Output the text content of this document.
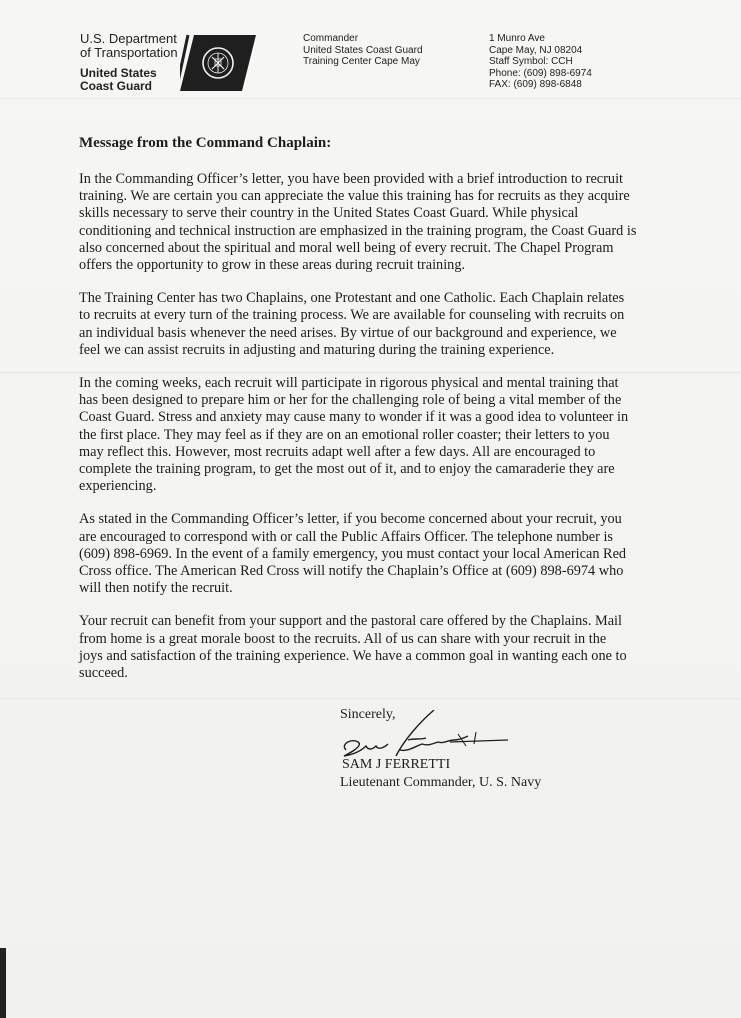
U.S. Department
of Transportation
United States
Coast Guard
Commander
United States Coast Guard
Training Center Cape May
1 Munro Ave
Cape May, NJ 08204
Staff Symbol: CCH
Phone: (609) 898-6974
FAX: (609) 898-6848
Message from the Command Chaplain:
In the Commanding Officer’s letter, you have been provided with a brief introduction to recruit
training. We are certain you can appreciate the value this training has for recruits as they acquire
skills necessary to serve their country in the United States Coast Guard. While physical
conditioning and technical instruction are emphasized in the training program, the Coast Guard is
also concerned about the spiritual and moral well being of every recruit. The Chapel Program
offers the opportunity to grow in these areas during recruit training.
The Training Center has two Chaplains, one Protestant and one Catholic. Each Chaplain relates
to recruits at every turn of the training process. We are available for counseling with recruits on
an individual basis whenever the need arises. By virtue of our background and experience, we
feel we can assist recruits in adjusting and maturing during the training experience.
In the coming weeks, each recruit will participate in rigorous physical and mental training that
has been designed to prepare him or her for the challenging role of being a vital member of the
Coast Guard. Stress and anxiety may cause many to wonder if it was a good idea to volunteer in
the first place. They may feel as if they are on an emotional roller coaster; their letters to you
may reflect this. However, most recruits adapt well after a few days. All are encouraged to
complete the training program, to get the most out of it, and to enjoy the camaraderie they are
experiencing.
As stated in the Commanding Officer’s letter, if you become concerned about your recruit, you
are encouraged to correspond with or call the Public Affairs Officer. The telephone number is
(609) 898-6969. In the event of a family emergency, you must contact your local American Red
Cross office. The American Red Cross will notify the Chaplain’s Office at (609) 898-6974 who
will then notify the recruit.
Your recruit can benefit from your support and the pastoral care offered by the Chaplains. Mail
from home is a great morale boost to the recruits. All of us can share with your recruit in the
joys and satisfaction of the training experience. We have a common goal in wanting each one to
succeed.
Sincerely,
SAM J FERRETTI
Lieutenant Commander, U. S. Navy
